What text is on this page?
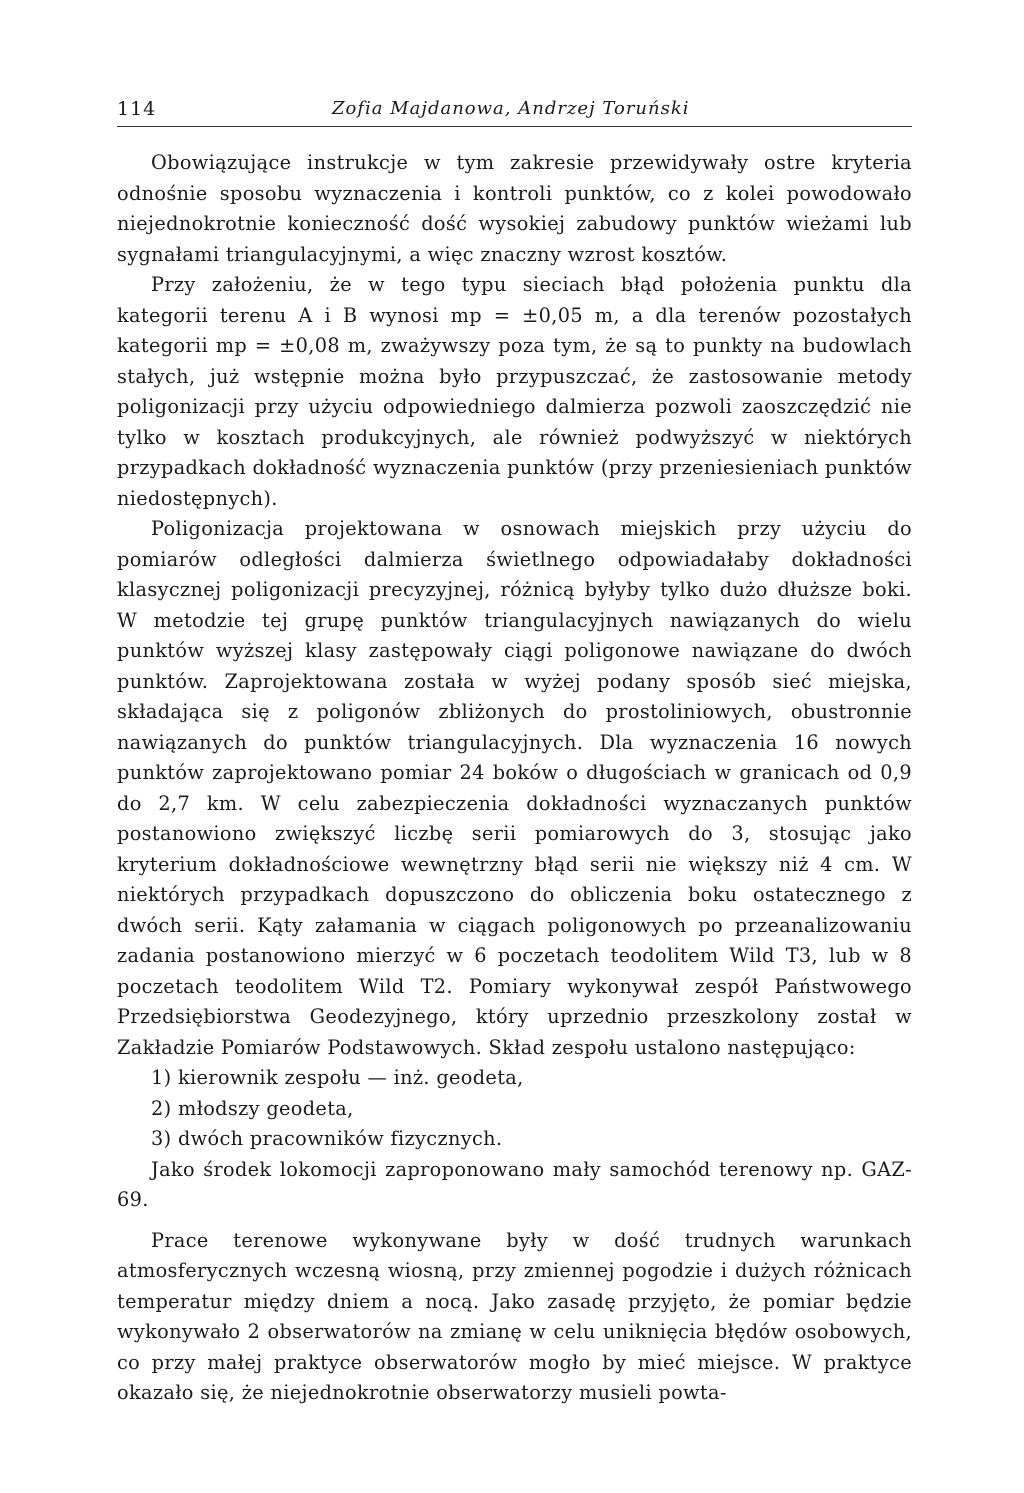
114	Zofia Majdanowa, Andrzej Toruński

Obowiązujące instrukcje w tym zakresie przewidywały ostre kryteria odnośnie sposobu wyznaczenia i kontroli punktów, co z kolei powodowało niejednokrotnie konieczność dość wysokiej zabudowy punktów wieżami lub sygnałami triangulacyjnymi, a więc znaczny wzrost kosztów.

Przy założeniu, że w tego typu sieciach błąd położenia punktu dla kategorii terenu A i B wynosi mp = ±0,05 m, a dla terenów pozostałych kategorii mp = ±0,08 m, zważywszy poza tym, że są to punkty na budowlach stałych, już wstępnie można było przypuszczać, że zastosowanie metody poligonizacji przy użyciu odpowiedniego dalmierza pozwoli zaoszczędzić nie tylko w kosztach produkcyjnych, ale również podwyższyć w niektórych przypadkach dokładność wyznaczenia punktów (przy przeniesieniach punktów niedostępnych).

Poligonizacja projektowana w osnowach miejskich przy użyciu do pomiarów odległości dalmierza świetlnego odpowiadałaby dokładności klasycznej poligonizacji precyzyjnej, różnicą byłyby tylko dużo dłuższe boki. W metodzie tej grupę punktów triangulacyjnych nawiązanych do wielu punktów wyższej klasy zastępowały ciągi poligonowe nawiązane do dwóch punktów. Zaprojektowana została w wyżej podany sposób sieć miejska, składająca się z poligonów zbliżonych do prostoliniowych, obustronnie nawiązanych do punktów triangulacyjnych. Dla wyznaczenia 16 nowych punktów zaprojektowano pomiar 24 boków o długościach w granicach od 0,9 do 2,7 km. W celu zabezpieczenia dokładności wyznaczanych punktów postanowiono zwiększyć liczbę serii pomiarowych do 3, stosując jako kryterium dokładnościowe wewnętrzny błąd serii nie większy niż 4 cm. W niektórych przypadkach dopuszczono do obliczenia boku ostatecznego z dwóch serii. Kąty załamania w ciągach poligonowych po przeanalizowaniu zadania postanowiono mierzyć w 6 poczetach teodolitem Wild T3, lub w 8 poczetach teodolitem Wild T2. Pomiary wykonywał zespół Państwowego Przedsiębiorstwa Geodezyjnego, który uprzednio przeszkolony został w Zakładzie Pomiarów Podstawowych. Skład zespołu ustalono następująco:

1) kierownik zespołu — inż. geodeta,
2) młodszy geodeta,
3) dwóch pracowników fizycznych.

Jako środek lokomocji zaproponowano mały samochód terenowy np. GAZ-69.

Prace terenowe wykonywane były w dość trudnych warunkach atmosferycznych wczesną wiosną, przy zmiennej pogodzie i dużych różnicach temperatur między dniem a nocą. Jako zasadę przyjęto, że pomiar będzie wykonywało 2 obserwatorów na zmianę w celu uniknięcia błędów osobowych, co przy małej praktyce obserwatorów mogło by mieć miejsce. W praktyce okazało się, że niejednokrotnie obserwatorzy musieli powta-
